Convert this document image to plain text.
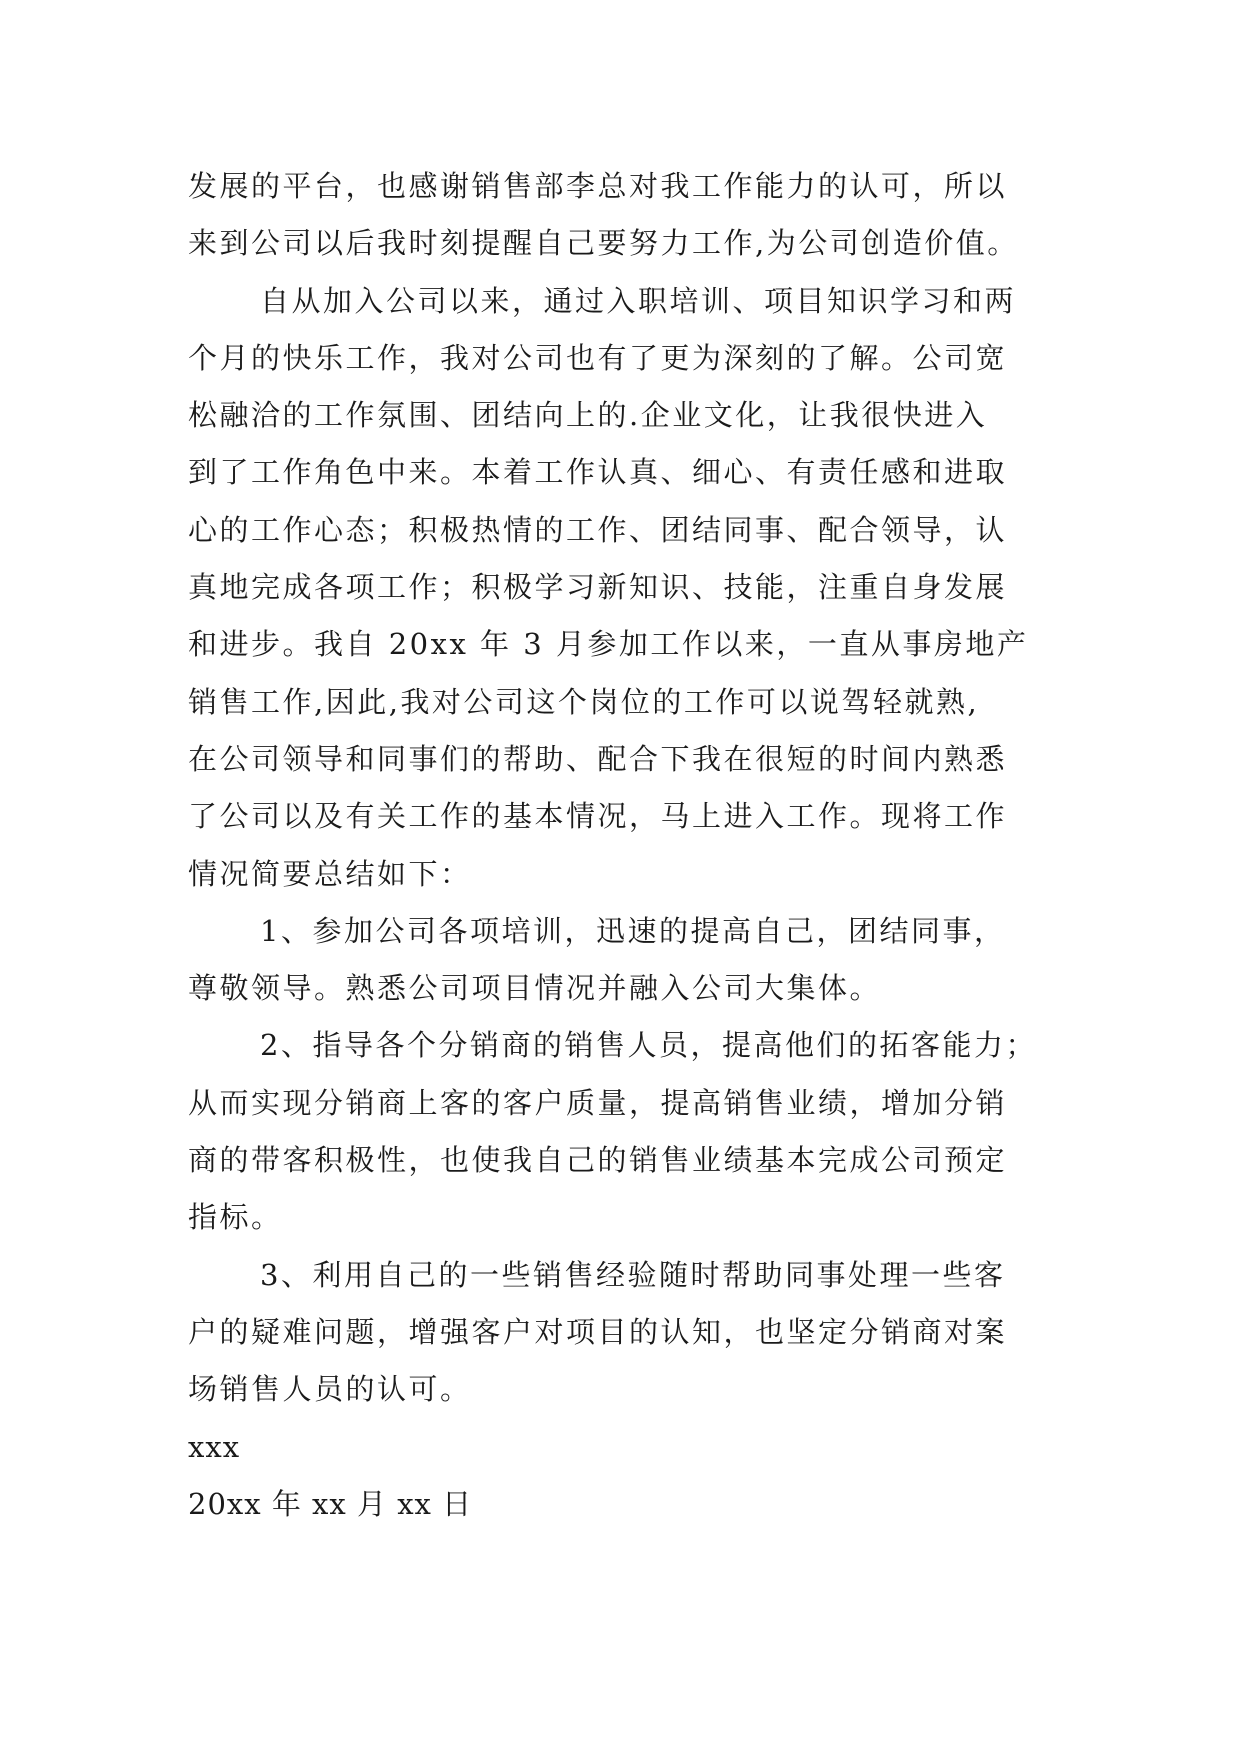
发展的平台，也感谢销售部李总对我工作能力的认可，所以
来到公司以后我时刻提醒自己要努力工作,为公司创造价值。
自从加入公司以来，通过入职培训、项目知识学习和两
个月的快乐工作，我对公司也有了更为深刻的了解。公司宽
松融洽的工作氛围、团结向上的.企业文化，让我很快进入
到了工作角色中来。本着工作认真、细心、有责任感和进取
心的工作心态；积极热情的工作、团结同事、配合领导，认
真地完成各项工作；积极学习新知识、技能，注重自身发展
和进步。我自 20xx 年 3 月参加工作以来，一直从事房地产
销售工作,因此,我对公司这个岗位的工作可以说驾轻就熟,
在公司领导和同事们的帮助、配合下我在很短的时间内熟悉
了公司以及有关工作的基本情况，马上进入工作。现将工作
情况简要总结如下：
1、参加公司各项培训，迅速的提高自己，团结同事，
尊敬领导。熟悉公司项目情况并融入公司大集体。
2、指导各个分销商的销售人员，提高他们的拓客能力；
从而实现分销商上客的客户质量，提高销售业绩，增加分销
商的带客积极性，也使我自己的销售业绩基本完成公司预定
指标。
3、利用自己的一些销售经验随时帮助同事处理一些客
户的疑难问题，增强客户对项目的认知，也坚定分销商对案
场销售人员的认可。
xxx
20xx 年 xx 月 xx 日
